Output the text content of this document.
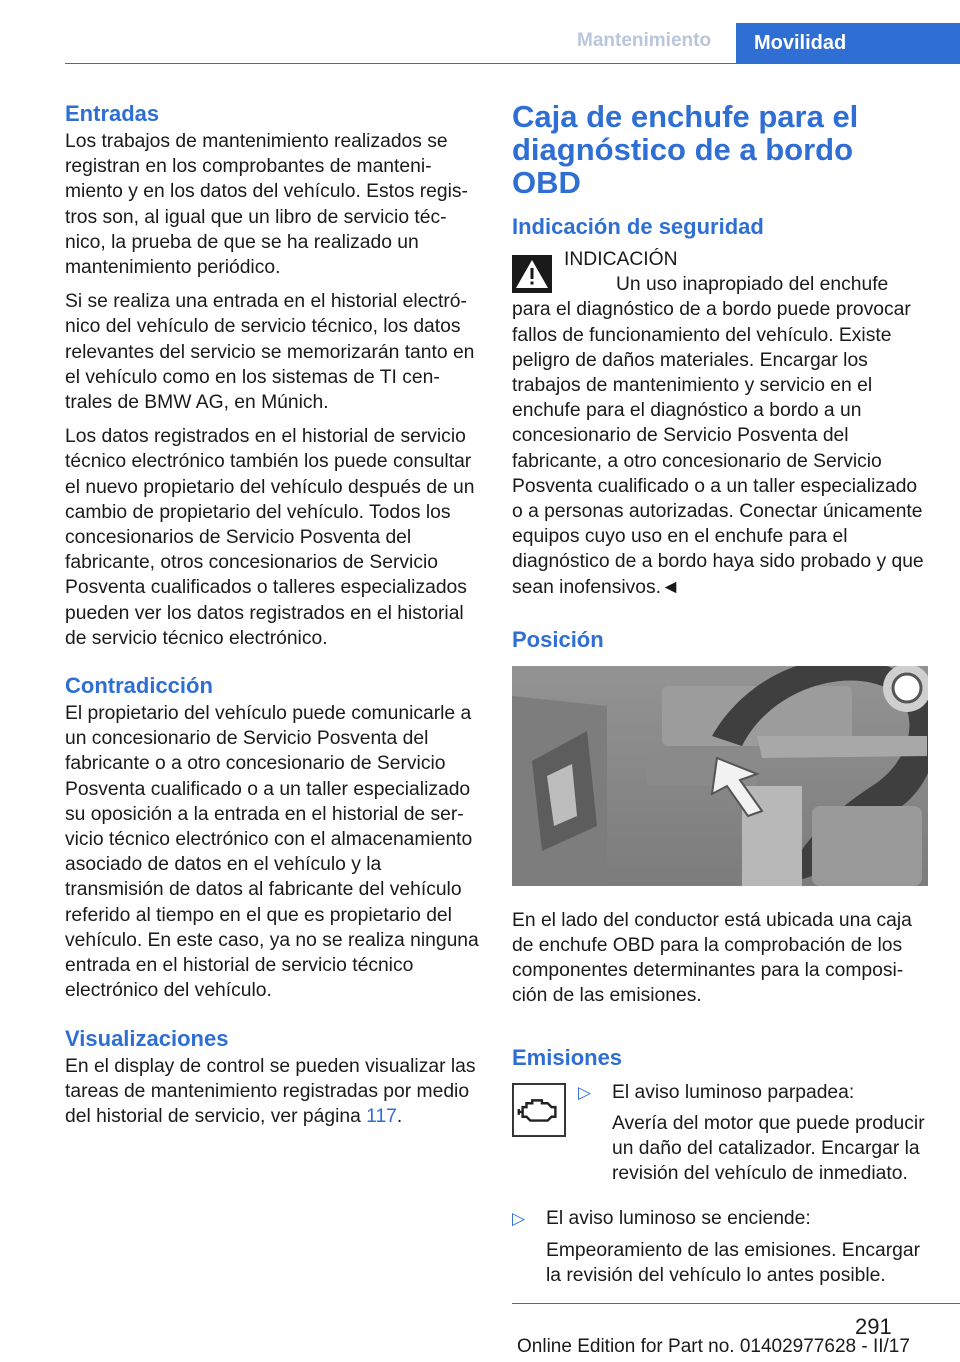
Mantenimiento	Movilidad
Entradas

Los trabajos de mantenimiento realizados se registran en los comprobantes de mantenimiento y en los datos del vehículo. Estos registros son, al igual que un libro de servicio técnico, la prueba de que se ha realizado un mantenimiento periódico.

Si se realiza una entrada en el historial electrónico del vehículo de servicio técnico, los datos relevantes del servicio se memorizarán tanto en el vehículo como en los sistemas de TI centrales de BMW AG, en Múnich.

Los datos registrados en el historial de servicio técnico electrónico también los puede consultar el nuevo propietario del vehículo después de un cambio de propietario del vehículo. Todos los concesionarios de Servicio Posventa del fabricante, otros concesionarios de Servicio Posventa cualificados o talleres especializados pueden ver los datos registrados en el historial de servicio técnico electrónico.

Contradicción

El propietario del vehículo puede comunicarle a un concesionario de Servicio Posventa del fabricante o a otro concesionario de Servicio Posventa cualificado o a un taller especializado su oposición a la entrada en el historial de servicio técnico electrónico con el almacenamiento asociado de datos en el vehículo y la transmisión de datos al fabricante del vehículo referido al tiempo en el que es propietario del vehículo. En este caso, ya no se realiza ninguna entrada en el historial de servicio técnico electrónico del vehículo.

Visualizaciones

En el display de control se pueden visualizar las tareas de mantenimiento registradas por medio del historial de servicio, ver página 117.

Caja de enchufe para el diagnóstico de a bordo OBD
Indicación de seguridad
INDICACIÓN
Un uso inapropiado del enchufe para el diagnóstico de a bordo puede provocar fallos de funcionamiento del vehículo. Existe peligro de daños materiales. Encargar los trabajos de mantenimiento y servicio en el enchufe para el diagnóstico a bordo a un concesionario de Servicio Posventa del fabricante, a otro concesionario de Servicio Posventa cualificado o a un taller especializado o a personas autorizadas. Conectar únicamente equipos cuyo uso en el enchufe para el diagnóstico de a bordo haya sido probado y que sean inofensivos.◄
Posición

En el lado del conductor está ubicada una caja de enchufe OBD para la comprobación de los componentes determinantes para la composición de las emisiones.

Emisiones
▷ El aviso luminoso parpadea:

Avería del motor que puede producir un daño del catalizador. Encargar la revisión del vehículo de inmediato.

▷ El aviso luminoso se enciende:

Empeoramiento de las emisiones. Encargar la revisión del vehículo lo antes posible.

291
Online Edition for Part no. 01402977628 - II/17
